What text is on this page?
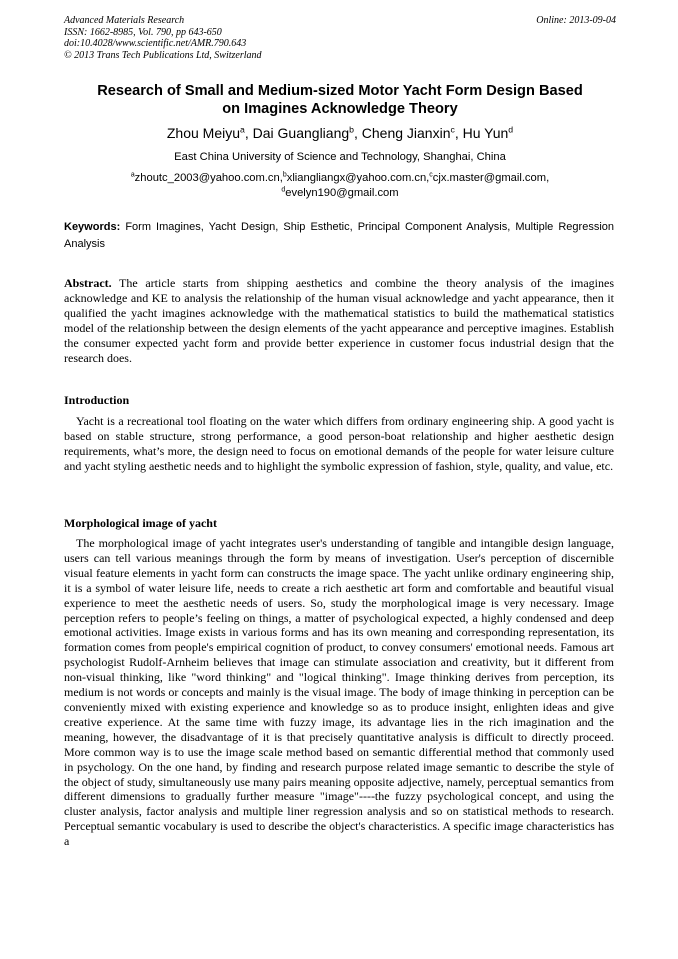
Advanced Materials Research
ISSN: 1662-8985, Vol. 790, pp 643-650
doi:10.4028/www.scientific.net/AMR.790.643
© 2013 Trans Tech Publications Ltd, Switzerland
Online: 2013-09-04
Research of Small and Medium-sized Motor Yacht Form Design Based
on Imagines Acknowledge Theory
Zhou Meiyu$^a$, Dai Guangliang$^b$, Cheng Jianxin$^c$, Hu Yun$^d$
East China University of Science and Technology, Shanghai, China
$^a$zhoutc_2003@yahoo.com.cn,$^b$xliangliangx@yahoo.com.cn,$^c$cjx.master@gmail.com,
$^d$evelyn190@gmail.com
Keywords: Form Imagines, Yacht Design, Ship Esthetic, Principal Component Analysis, Multiple Regression Analysis
Abstract. The article starts from shipping aesthetics and combine the theory analysis of the imagines acknowledge and KE to analysis the relationship of the human visual acknowledge and yacht appearance, then it qualified the yacht imagines acknowledge with the mathematical statistics to build the mathematical statistics model of the relationship between the design elements of the yacht appearance and perceptive imagines. Establish the consumer expected yacht form and provide better experience in customer focus industrial design that the research does.
Introduction
Yacht is a recreational tool floating on the water which differs from ordinary engineering ship. A good yacht is based on stable structure, strong performance, a good person-boat relationship and higher aesthetic design requirements, what’s more, the design need to focus on emotional demands of the people for water leisure culture and yacht styling aesthetic needs and to highlight the symbolic expression of fashion, style, quality, and value, etc.
Morphological image of yacht
The morphological image of yacht integrates user's understanding of tangible and intangible design language, users can tell various meanings through the form by means of investigation. User's perception of discernible visual feature elements in yacht form can constructs the image space. The yacht unlike ordinary engineering ship, it is a symbol of water leisure life, needs to create a rich aesthetic art form and comfortable and beautiful visual experience to meet the aesthetic needs of users. So, study the morphological image is very necessary. Image perception refers to people’s feeling on things, a matter of psychological expected, a highly condensed and deep emotional activities. Image exists in various forms and has its own meaning and corresponding representation, its formation comes from people's empirical cognition of product, to convey consumers' emotional needs. Famous art psychologist Rudolf-Arnheim believes that image can stimulate association and creativity, but it different from non-visual thinking, like "word thinking" and "logical thinking". Image thinking derives from perception, its medium is not words or concepts and mainly is the visual image. The body of image thinking in perception can be conveniently mixed with existing experience and knowledge so as to produce insight, enlighten ideas and give creative experience. At the same time with fuzzy image, its advantage lies in the rich imagination and the meaning, however, the disadvantage of it is that precisely quantitative analysis is difficult to directly proceed. More common way is to use the image scale method based on semantic differential method that commonly used in psychology. On the one hand, by finding and research purpose related image semantic to describe the style of the object of study, simultaneously use many pairs meaning opposite adjective, namely, perceptual semantics from different dimensions to gradually further measure "image"----the fuzzy psychological concept, and using the cluster analysis, factor analysis and multiple liner regression analysis and so on statistical methods to research. Perceptual semantic vocabulary is used to describe the object's characteristics. A specific image characteristics has a
